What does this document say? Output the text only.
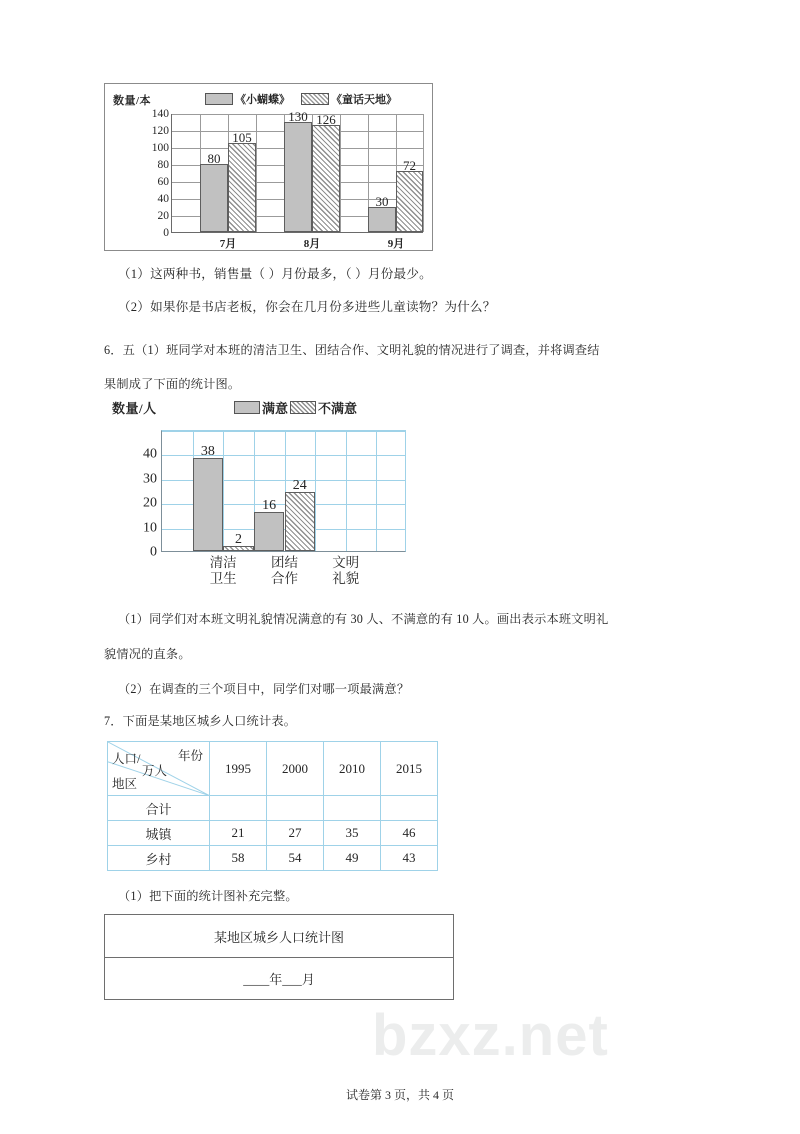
bzxz.net
数量/本	《小蝴蝶》	《童话天地》
140
120
100
80
60
40
20
0
80
105
130 126
30
72
7月	8月	9月
（1）这两种书，销售量（ ）月份最多，（ ）月份最少。
（2）如果你是书店老板，你会在几月份多进些儿童读物？为什么？
6．五（1）班同学对本班的清洁卫生、团结合作、文明礼貌的情况进行了调查，并将调查结
果制成了下面的统计图。
数量/人	满意 不满意
40
30
20
10
0
38
2
16
24
清洁
卫生
团结
合作
文明
礼貌
（1）同学们对本班文明礼貌情况满意的有 30 人、不满意的有 10 人。画出表示本班文明礼
貌情况的直条。
（2）在调查的三个项目中，同学们对哪一项最满意？
7．下面是某地区城乡人口统计表。
年份
人口/
万人
地区	1995	2000	2010	2015
合计				
城镇	21	27	35	46
乡村	58	54	49	43
（1）把下面的统计图补充完整。
某地区城乡人口统计图
____年___月
试卷第 3 页，共 4 页
